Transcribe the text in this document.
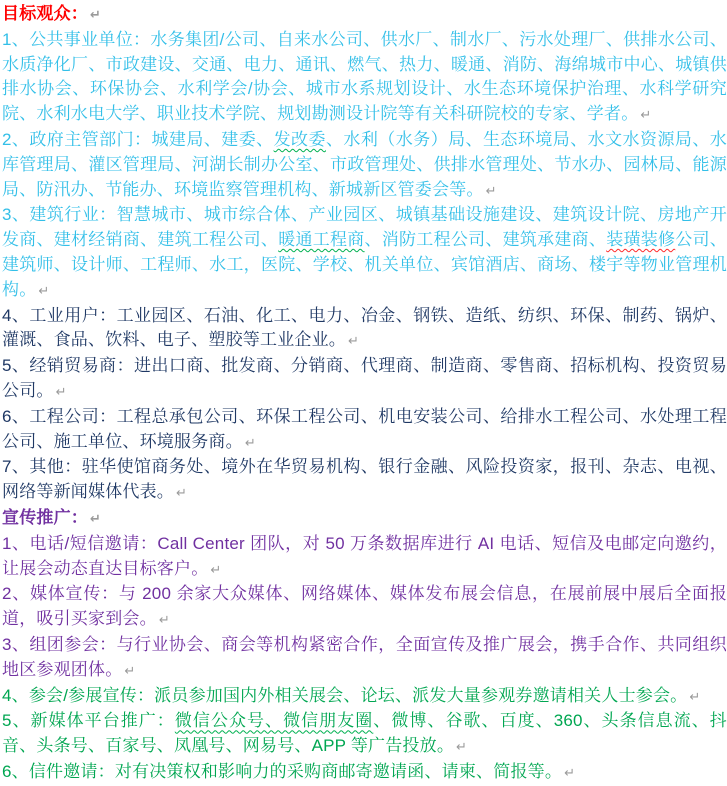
目标观众： ↵

1、公共事业单位：水务集团/公司、自来水公司、供水厂、制水厂、污水处理厂、供排水公司、水质净化厂、市政建设、交通、电力、通讯、燃气、热力、暖通、消防、海绵城市中心、城镇供排水协会、环保协会、水利学会/协会、城市水系规划设计、水生态环境保护治理、水科学研究院、水利水电大学、职业技术学院、规划勘测设计院等有关科研院校的专家、学者。 ↵

2、政府主管部门：城建局、建委、发改委、水利（水务）局、生态环境局、水文水资源局、水库管理局、灌区管理局、河湖长制办公室、市政管理处、供排水管理处、节水办、园林局、能源局、防汛办、节能办、环境监察管理机构、新城新区管委会等。 ↵

3、建筑行业：智慧城市、城市综合体、产业园区、城镇基础设施建设、建筑设计院、房地产开发商、建材经销商、建筑工程公司、暖通工程商、消防工程公司、建筑承建商、装璜装修公司、建筑师、设计师、工程师、水工，医院、学校、机关单位、宾馆酒店、商场、楼宇等物业管理机构。 ↵

4、工业用户：工业园区、石油、化工、电力、冶金、钢铁、造纸、纺织、环保、制药、锅炉、灌溉、食品、饮料、电子、塑胶等工业企业。 ↵

5、经销贸易商：进出口商、批发商、分销商、代理商、制造商、零售商、招标机构、投资贸易公司。 ↵

6、工程公司：工程总承包公司、环保工程公司、机电安装公司、给排水工程公司、水处理工程公司、施工单位、环境服务商。 ↵

7、其他：驻华使馆商务处、境外在华贸易机构、银行金融、风险投资家，报刊、杂志、电视、网络等新闻媒体代表。 ↵

宣传推广： ↵

1、电话/短信邀请：Call Center 团队，对 50 万条数据库进行 AI 电话、短信及电邮定向邀约，让展会动态直达目标客户。 ↵

2、媒体宣传：与 200 余家大众媒体、网络媒体、媒体发布展会信息，在展前展中展后全面报道，吸引买家到会。 ↵

3、组团参会：与行业协会、商会等机构紧密合作，全面宣传及推广展会，携手合作、共同组织地区参观团体。 ↵

4、参会/参展宣传：派员参加国内外相关展会、论坛、派发大量参观券邀请相关人士参会。 ↵

5、新媒体平台推广：微信公众号、微信朋友圈、微博、谷歌、百度、360、头条信息流、抖音、头条号、百家号、凤凰号、网易号、APP 等广告投放。 ↵

6、信件邀请：对有决策权和影响力的采购商邮寄邀请函、请柬、简报等。 ↵
